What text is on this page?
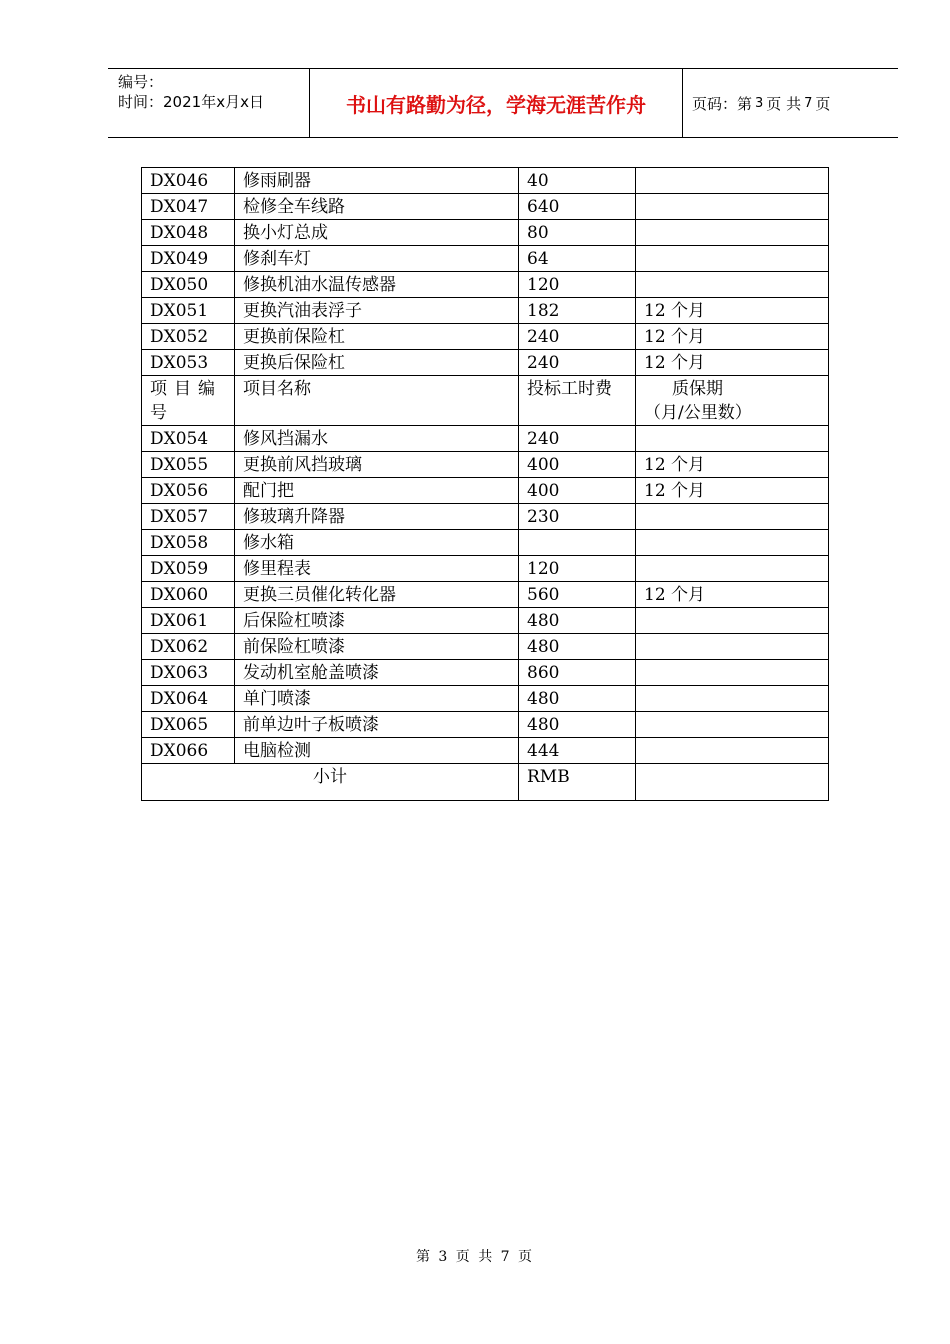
编号：
时间：2021年x月x日	书山有路勤为径，学海无涯苦作舟	页码：第 3 页 共 7 页
DX046	修雨刷器	40	
DX047	检修全车线路	640	
DX048	换小灯总成	80	
DX049	修刹车灯	64	
DX050	修换机油水温传感器	120	
DX051	更换汽油表浮子	182	12 个月
DX052	更换前保险杠	240	12 个月
DX053	更换后保险杠	240	12 个月
项目编号	项目名称	投标工时费	质保期
（月/公里数）

DX054	修风挡漏水	240	
DX055	更换前风挡玻璃	400	12 个月
DX056	配门把	400	12 个月
DX057	修玻璃升降器	230	
DX058	修水箱		
DX059	修里程表	120	
DX060	更换三员催化转化器	560	12 个月
DX061	后保险杠喷漆	480	
DX062	前保险杠喷漆	480	
DX063	发动机室舱盖喷漆	860	
DX064	单门喷漆	480	
DX065	前单边叶子板喷漆	480	
DX066	电脑检测	444	
小计		RMB	
第 3 页 共 7 页
